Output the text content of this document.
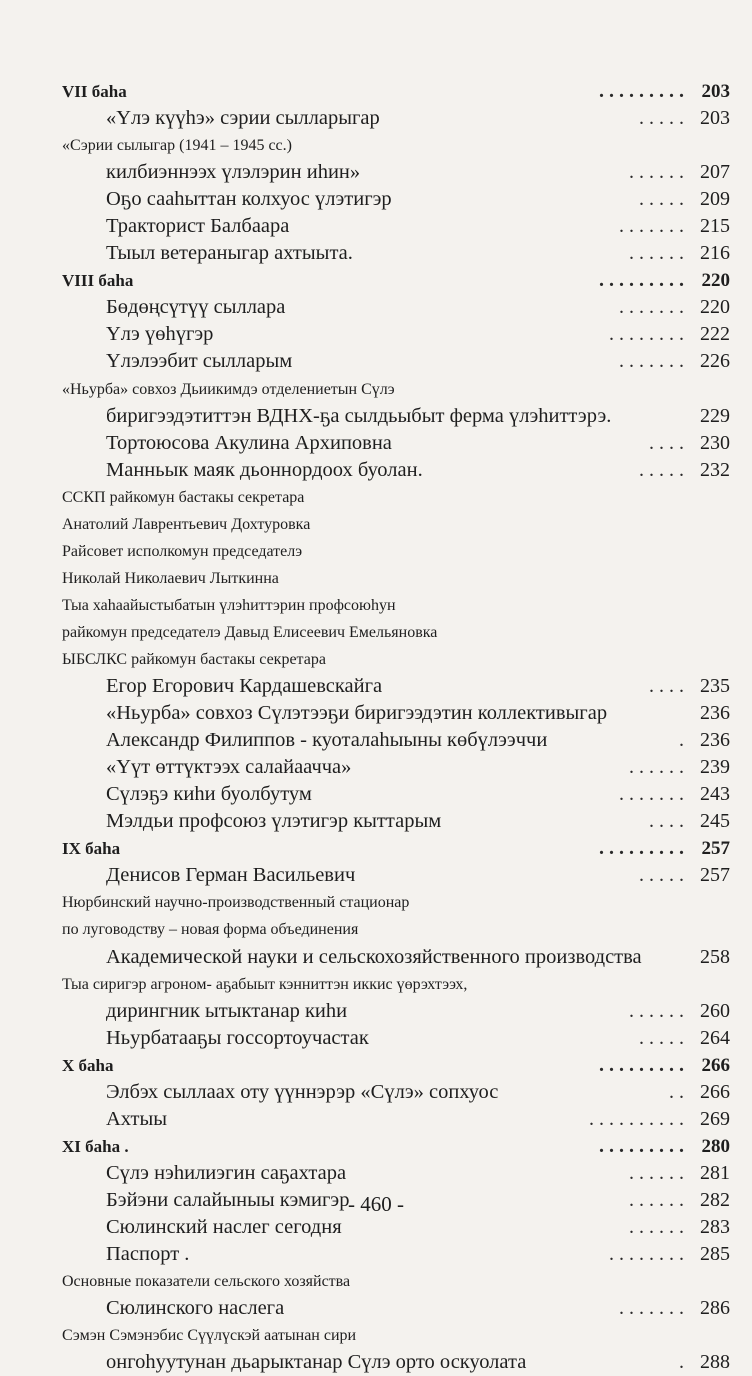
VII баhа	. . . . . . . . . 203
«Үлэ күүhэ» сэрии сылларыгар	. . . . . 203
«Сэрии сылыгар (1941 – 1945 сс.)
килбиэннээх үлэлэрин иhин»	. . . . . . 207
Оҕо сааhыттан колхуос үлэтигэр	. . . . . 209
Тракторист Балбаара	. . . . . . . 215
Тыыл ветераныгар ахтыыта.	. . . . . . 216
VIII баhа	. . . . . . . . . 220
Бөдөңсүтүү сыллара	. . . . . . . 220
Үлэ үөhүгэр	. . . . . . . . 222
Үлэлээбит сылларым	. . . . . . . 226
«Ньурба» совхоз Дьиикимдэ отделениетын Сүлэ
биригээдэтиттэн ВДНХ-ҕа сылдьыбыт ферма үлэhиттэрэ.	229
Тортоюсова Акулина Архиповна	. . . . 230
Манньык маяк дьоннордоох буолан.	. . . . . 232
ССКП райкомун бастакы секретара
Анатолий Лаврентьевич Дохтуровка
Райсовет исполкомун председателэ
Николай Николаевич Лыткинна
Тыа хаhаайыстыбатын үлэhиттэрин профсоюhун
райкомун председателэ Давыд Елисеевич Емельяновка
ЫБСЛКС райкомун бастакы секретара
Егор Егорович Кардашевскайга	. . . . 235
«Ньурба» совхоз Сүлэтээҕи биригээдэтин коллективыгар	236
Александр Филиппов - куоталаhыыны көбүлээччи	. 236
«Үүт өттүктээх салайаачча»	. . . . . . 239
Сүлэҕэ киhи буолбутум	. . . . . . . 243
Мэлдьи профсоюз үлэтигэр кыттарым	. . . . 245
IX баhа	. . . . . . . . . 257
Денисов Герман Васильевич	. . . . . 257
Нюрбинский научно-производственный стационар
по луговодству – новая форма объединения
Академической науки и сельскохозяйственного производства	258
Тыа сиригэр агроном- аҕабыыт кэнниттэн иккис үөрэхтээх,
дирингник ытыктанар киhи	. . . . . . 260
Ньурбатааҕы госсортоучастак	. . . . . 264
X баhа	. . . . . . . . . 266
Элбэх сыллаах оту үүннэрэр «Сүлэ» сопхуос	. . 266
Ахтыы	. . . . . . . . . . 269
XI баhа .	. . . . . . . . . 280
Сүлэ нэhилиэгин саҕахтара	. . . . . . 281
Бэйэни салайыныы кэмигэр	. . . . . . 282
Сюлинский наслег сегодня	. . . . . . 283
Паспорт .	. . . . . . . . 285
Основные показатели сельского хозяйства
Сюлинского наслега	. . . . . . . 286
Сэмэн Сэмэнэбис Сүүлүскэй аатынан сири
онгоhуутунан дьарыктанар Сүлэ орто оскуолата	. 288
- 460 -
